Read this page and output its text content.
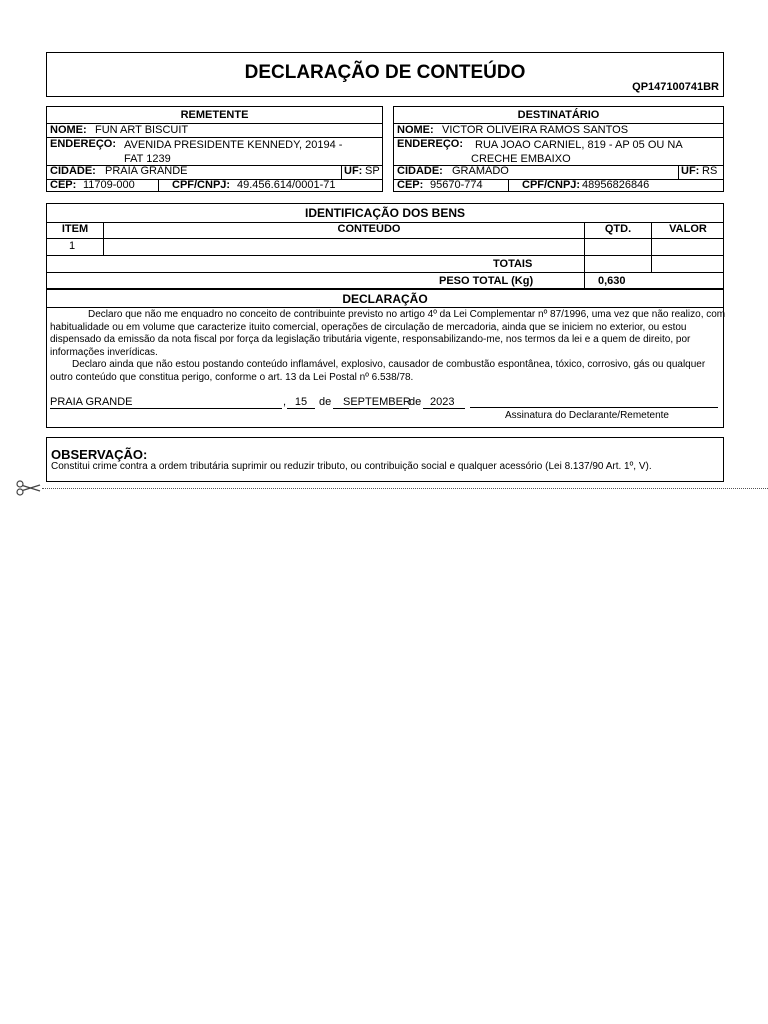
DECLARAÇÃO DE CONTEÚDO
QP147100741BR
REMETENTE
NOME: FUN ART BISCUIT
ENDEREÇO: AVENIDA PRESIDENTE KENNEDY, 20194 -
FAT 1239
CIDADE: PRAIA GRANDE	UF: SP
CEP: 11709-000	CPF/CNPJ: 49.456.614/0001-71
DESTINATÁRIO
NOME: VICTOR OLIVEIRA RAMOS SANTOS
ENDEREÇO: RUA JOAO CARNIEL, 819 - AP 05 OU NA
CRECHE EMBAIXO
CIDADE: GRAMADO	UF: RS
CEP: 95670-774	CPF/CNPJ: 48956826846
IDENTIFICAÇÃO DOS BENS
ITEM	CONTEÚDO	QTD.	VALOR
1
TOTAIS
PESO TOTAL (Kg)	0,630
DECLARAÇÃO

Declaro que não me enquadro no conceito de contribuinte previsto no artigo 4º da Lei Complementar nº 87/1996, uma vez que não realizo, com habitualidade ou em volume que caracterize ituito comercial, operações de circulação de mercadoria, ainda que se iniciem no exterior, ou estou dispensado da emissão da nota fiscal por força da legislação tributária vigente, responsabilizando-me, nos termos da lei e a quem de direito, por informações inverídicas.

Declaro ainda que não estou postando conteúdo inflamável, explosivo, causador de combustão espontânea, tóxico, corrosivo, gás ou qualquer outro conteúdo que constitua perigo, conforme o art. 13 da Lei Postal nº 6.538/78.

PRAIA GRANDE	, 15	de	SEPTEMBER
de 2023
Assinatura do Declarante/Remetente
OBSERVAÇÃO:
Constitui crime contra a ordem tributária suprimir ou reduzir tributo, ou contribuição social e qualquer acessório (Lei 8.137/90 Art. 1º, V).
